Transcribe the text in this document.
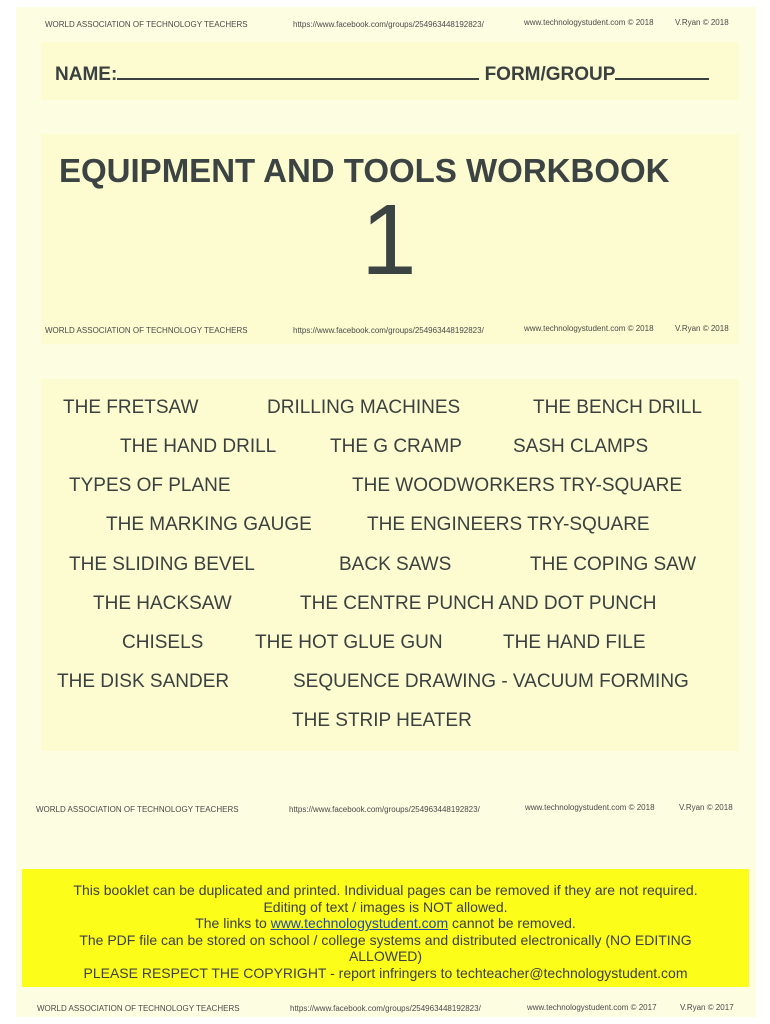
WORLD ASSOCIATION OF TECHNOLOGY TEACHERS	https://www.facebook.com/groups/254963448192823/	www.technologystudent.com © 2018	V.Ryan © 2018
NAME:	FORM/GROUP
EQUIPMENT AND TOOLS WORKBOOK
1
WORLD ASSOCIATION OF TECHNOLOGY TEACHERS	https://www.facebook.com/groups/254963448192823/	www.technologystudent.com © 2018	V.Ryan © 2018
THE FRETSAW	DRILLING MACHINES	THE BENCH DRILL
THE HAND DRILL	THE G CRAMP	SASH CLAMPS
TYPES OF PLANE	THE WOODWORKERS TRY-SQUARE
THE MARKING GAUGE	THE ENGINEERS TRY-SQUARE
THE SLIDING BEVEL	BACK SAWS	THE COPING SAW
THE HACKSAW	THE CENTRE PUNCH AND DOT PUNCH
CHISELS	THE HOT GLUE GUN	THE HAND FILE
THE DISK SANDER	SEQUENCE DRAWING - VACUUM FORMING
THE STRIP HEATER
WORLD ASSOCIATION OF TECHNOLOGY TEACHERS	https://www.facebook.com/groups/254963448192823/	www.technologystudent.com © 2018	V.Ryan © 2018
This booklet can be duplicated and printed. Individual pages can be removed if they are not required.
Editing of text / images is NOT allowed.
The links to www.technologystudent.com cannot be removed.
The PDF file can be stored on school / college systems and distributed electronically (NO EDITING
ALLOWED)
PLEASE RESPECT THE COPYRIGHT - report infringers to techteacher@technologystudent.com
WORLD ASSOCIATION OF TECHNOLOGY TEACHERS	https://www.facebook.com/groups/254963448192823/	www.technologystudent.com © 2017	V.Ryan © 2017
